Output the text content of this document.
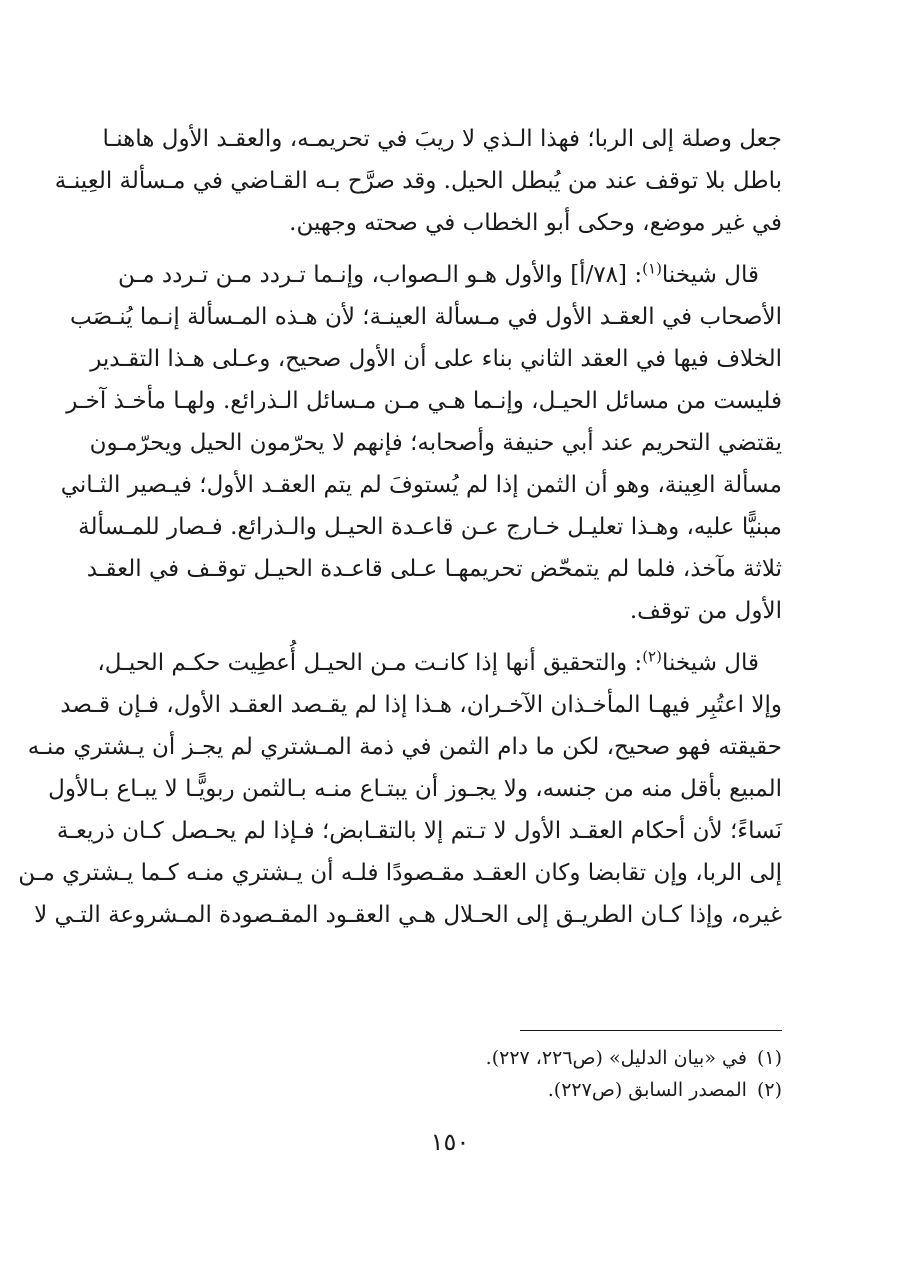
جعل وصلة إلى الربا؛ فهذا الـذي لا ريبَ في تحريمـه، والعقـد الأول هاهنـا
باطل بلا توقف عند من يُبطل الحيل. وقد صرَّح بـه القـاضي في مـسألة العِينـة
في غير موضع، وحكى أبو الخطاب في صحته وجهين.

 قال شيخنا$^{(١)}$: [٧٨/أ] والأول هـو الـصواب، وإنـما تـردد مـن تـردد مـن
الأصحاب في العقـد الأول في مـسألة العينـة؛ لأن هـذه المـسألة إنـما يُنـصَب
الخلاف فيها في العقد الثاني بناء على أن الأول صحيح، وعـلى هـذا التقـدير
فليست من مسائل الحيـل، وإنـما هـي مـن مـسائل الـذرائع. ولهـا مأخـذ آخـر
يقتضي التحريم عند أبي حنيفة وأصحابه؛ فإنهم لا يحرّمون الحيل ويحرّمـون
مسألة العِينة، وهو أن الثمن إذا لم يُستوفَ لم يتم العقـد الأول؛ فيـصير الثـاني
مبنيًّا عليه، وهـذا تعليـل خـارج عـن قاعـدة الحيـل والـذرائع. فـصار للمـسألة
ثلاثة مآخذ، فلما لم يتمحّض تحريمهـا عـلى قاعـدة الحيـل توقـف في العقـد
الأول من توقف.

 قال شيخنا$^{(٢)}$: والتحقيق أنها إذا كانـت مـن الحيـل أُعطِيت حكـم الحيـل،
وإلا اعتُبِر فيهـا المأخـذان الآخـران، هـذا إذا لم يقـصد العقـد الأول، فـإن قـصد
حقيقته فهو صحيح، لكن ما دام الثمن في ذمة المـشتري لم يجـز أن يـشتري منـه
المبيع بأقل منه من جنسه، ولا يجـوز أن يبتـاع منـه بـالثمن ربويًّـا لا يبـاع بـالأول
نَساءً؛ لأن أحكام العقـد الأول لا تـتم إلا بالتقـابض؛ فـإذا لم يحـصل كـان ذريعـة
إلى الربا، وإن تقابضا وكان العقـد مقـصودًا فلـه أن يـشتري منـه كـما يـشتري مـن
غيره، وإذا كـان الطريـق إلى الحـلال هـي العقـود المقـصودة المـشروعة التـي لا

(١)في «بيان الدليل» (ص٢٢٦، ٢٢٧).
(٢)المصدر السابق (ص٢٢٧).
١٥٠
